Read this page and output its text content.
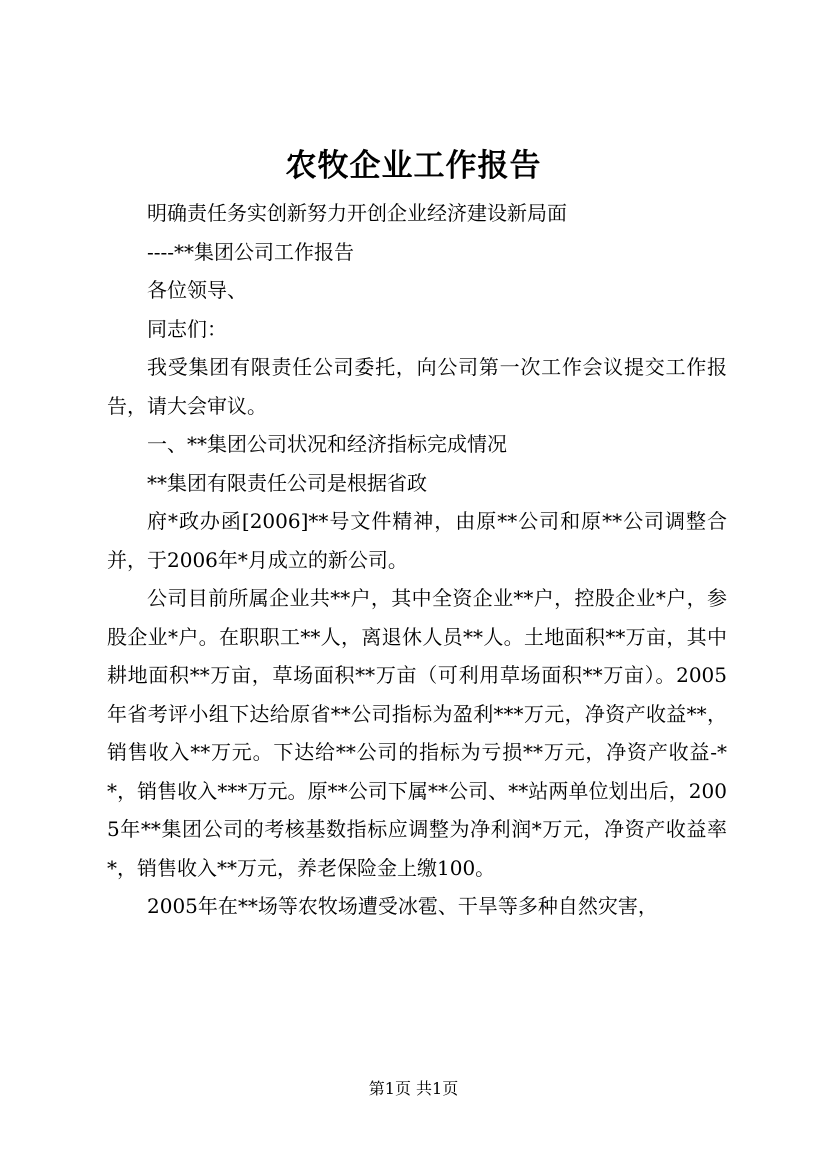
农牧企业工作报告

明确责任务实创新努力开创企业经济建设新局面

----**集团公司工作报告

各位领导、

同志们：

我受集团有限责任公司委托，向公司第一次工作会议提交工作报告，请大会审议。

一、**集团公司状况和经济指标完成情况

**集团有限责任公司是根据省政

府*政办函[2006]**号文件精神，由原**公司和原**公司调整合并，于2006年*月成立的新公司。

公司目前所属企业共**户，其中全资企业**户，控股企业*户，参股企业*户。在职职工**人，离退休人员**人。土地面积**万亩，其中耕地面积**万亩，草场面积**万亩（可利用草场面积**万亩）。2005年省考评小组下达给原省**公司指标为盈利***万元，净资产收益**，销售收入**万元。下达给**公司的指标为亏损**万元，净资产收益-**，销售收入***万元。原**公司下属**公司、**站两单位划出后，2005年**集团公司的考核基数指标应调整为净利润*万元，净资产收益率*，销售收入**万元，养老保险金上缴100。

2005年在**场等农牧场遭受冰雹、干旱等多种自然灾害，

第1页 共1页
